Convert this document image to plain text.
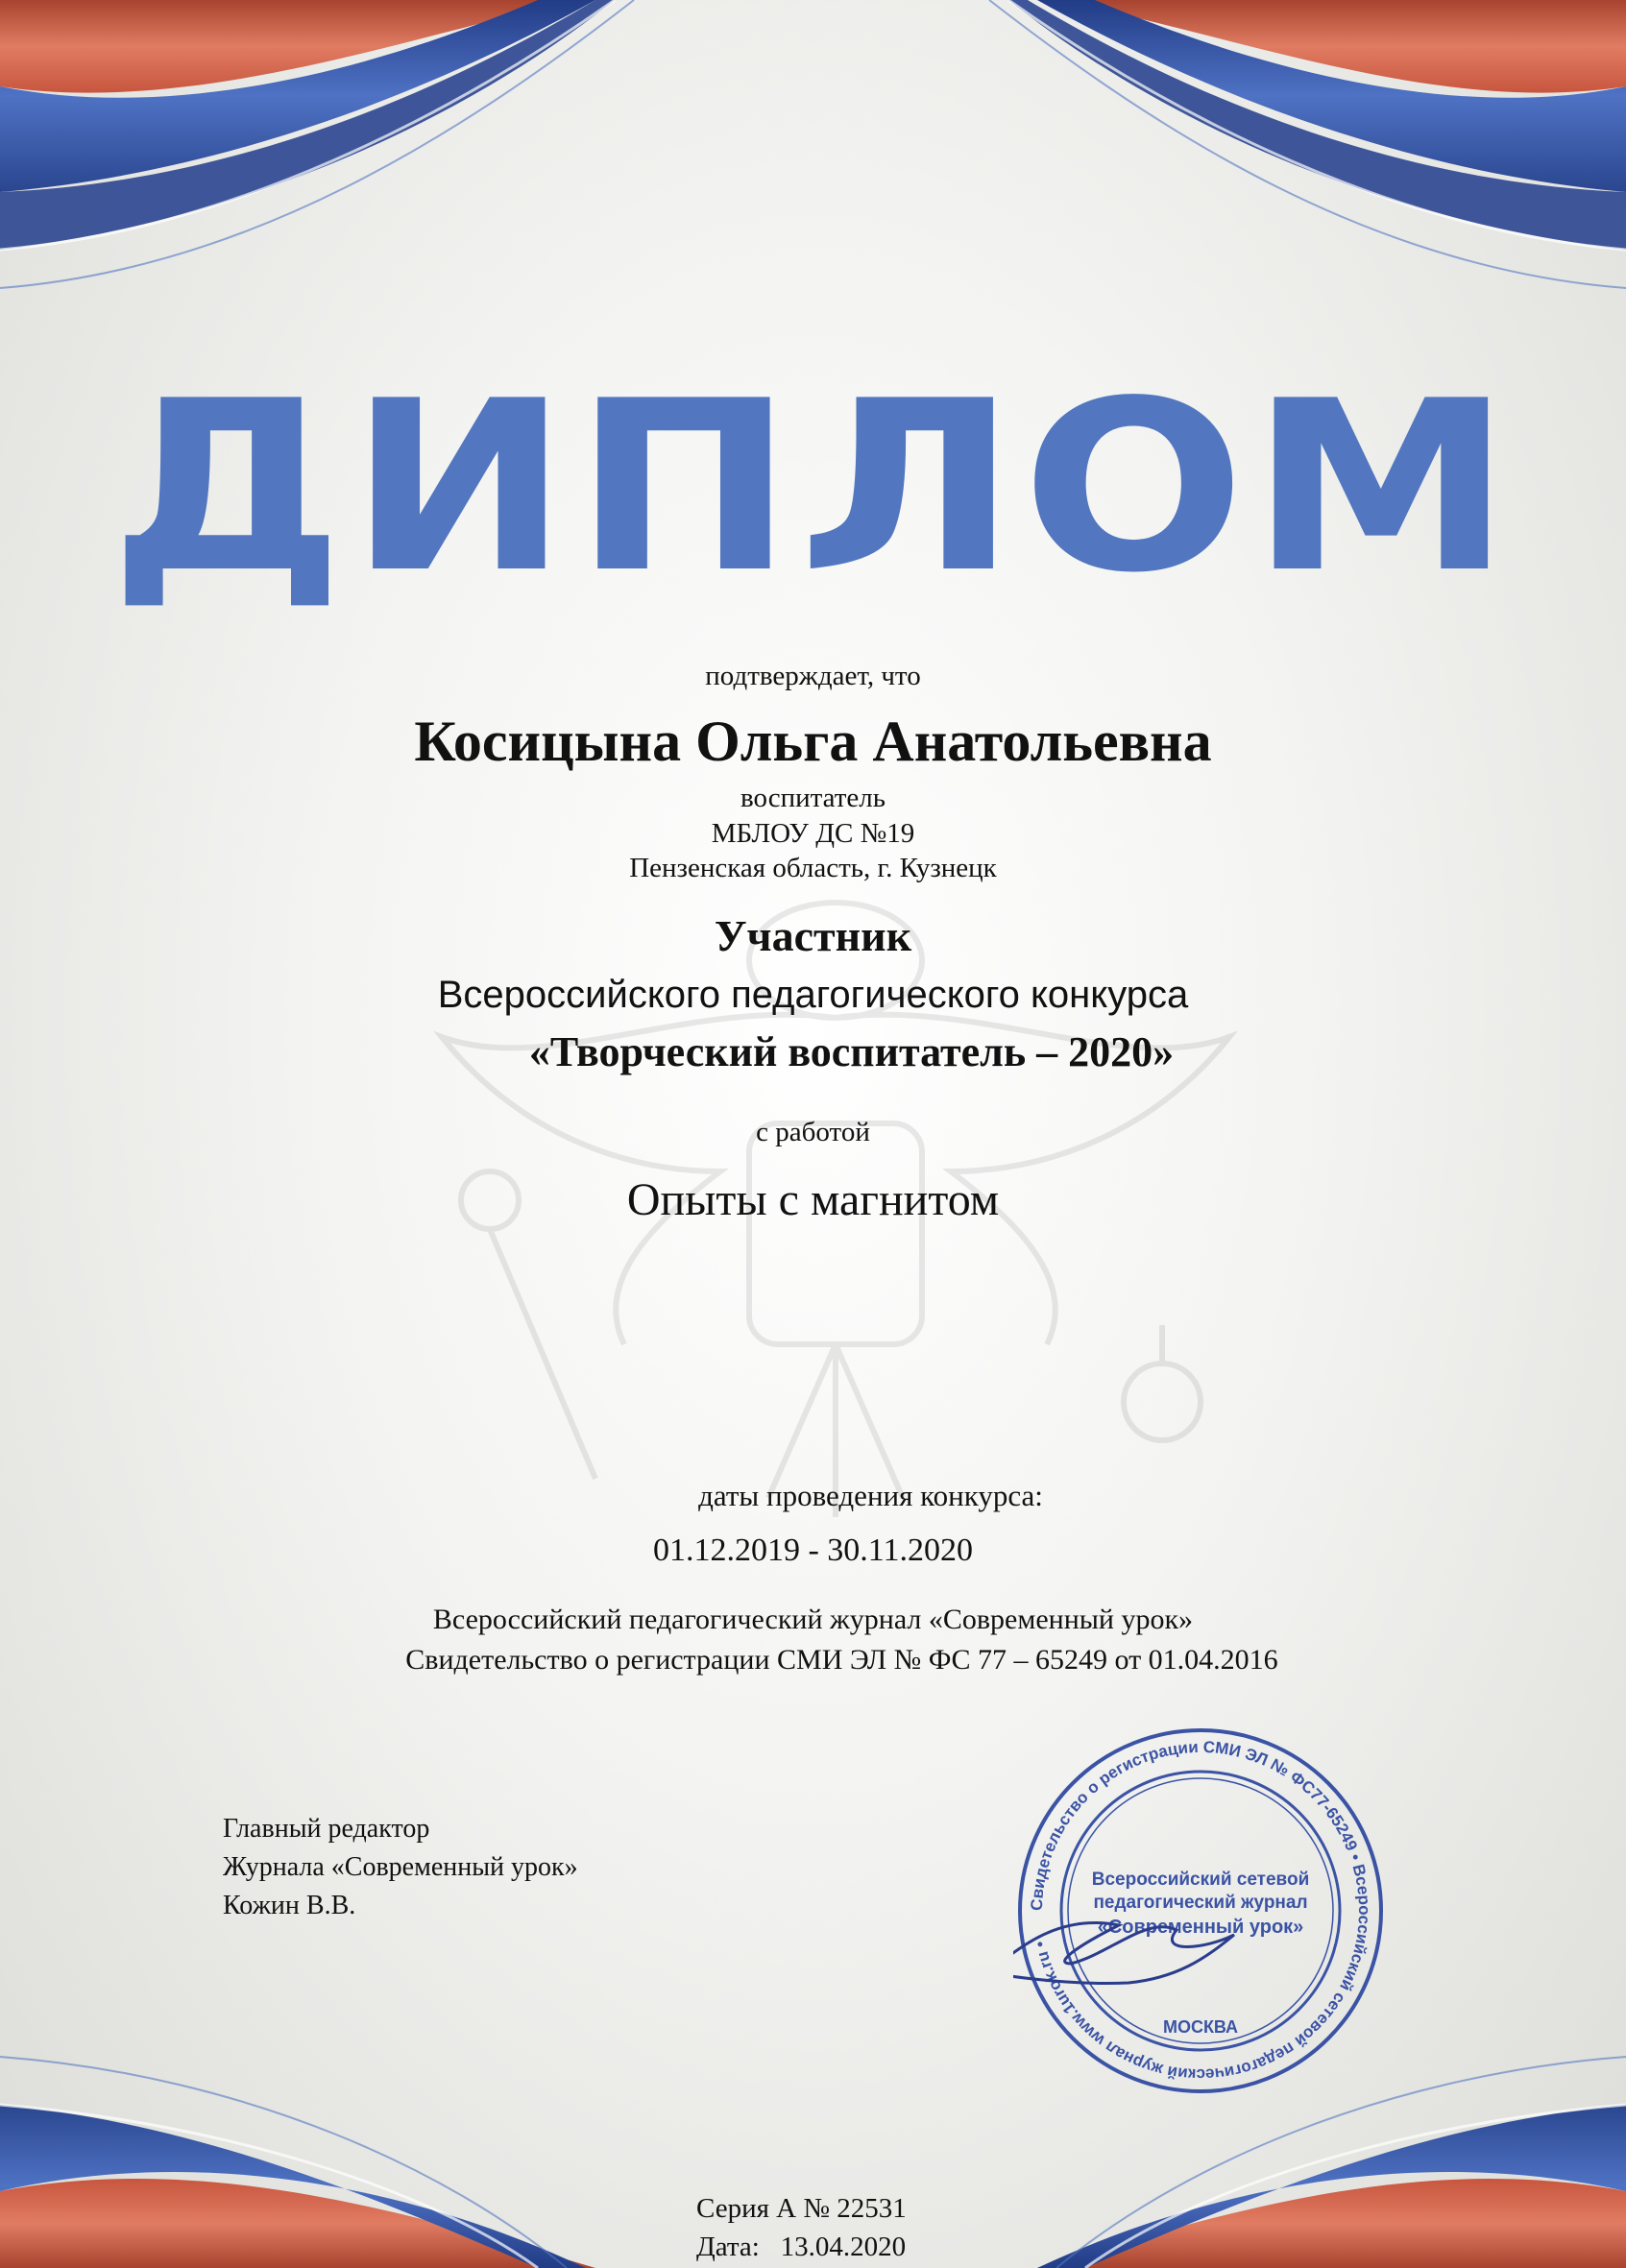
ДИПЛОМ
подтверждает, что
Косицына Ольга Анатольевна
воспитатель
МБЛОУ ДС №19
Пензенская область, г. Кузнецк
Участник
Всероссийского педагогического конкурса
«Творческий воспитатель – 2020»
с работой
Опыты с магнитом
даты проведения конкурса:
01.12.2019 - 30.11.2020
Всероссийский педагогический журнал «Современный урок»
Свидетельство о регистрации СМИ ЭЛ № ФС 77 – 65249 от 01.04.2016
Главный редактор
Журнала «Современный урок»
Кожин В.В.	Свидетельство о регистрации СМИ ЭЛ № ФС77-65249 • Всероссийский сетевой педагогический журнал www.1urok.ru •
Всероссийский сетевой
педагогический журнал
«Современный урок»
МОСКВА
Серия А № 22531
Дата: 13.04.2020
